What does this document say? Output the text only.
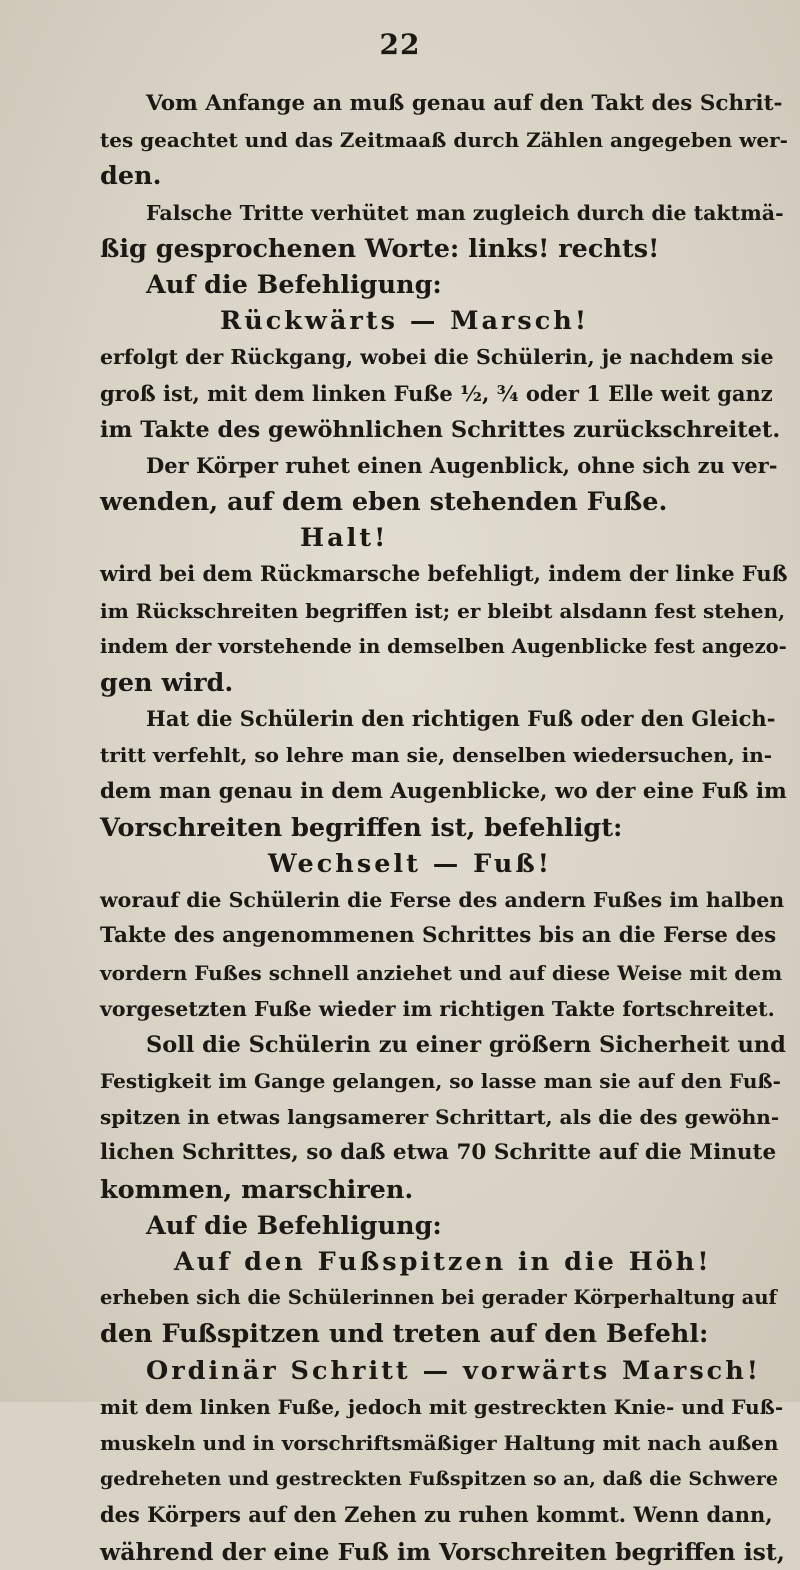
22
Vom Anfange an muß genau auf den Takt des Schrit-
tes geachtet und das Zeitmaaß durch Zählen angegeben wer-
den.
Falsche Tritte verhütet man zugleich durch die taktmä-
ßig gesprochenen Worte: links! rechts!
Auf die Befehligung:
Rückwärts — Marsch!
erfolgt der Rückgang, wobei die Schülerin, je nachdem sie
groß ist, mit dem linken Fuße ½, ¾ oder 1 Elle weit ganz
im Takte des gewöhnlichen Schrittes zurückschreitet.
Der Körper ruhet einen Augenblick, ohne sich zu ver-
wenden, auf dem eben stehenden Fuße.
Halt!
wird bei dem Rückmarsche befehligt, indem der linke Fuß
im Rückschreiten begriffen ist; er bleibt alsdann fest stehen,
indem der vorstehende in demselben Augenblicke fest angezo-
gen wird.
Hat die Schülerin den richtigen Fuß oder den Gleich-
tritt verfehlt, so lehre man sie, denselben wiedersuchen, in-
dem man genau in dem Augenblicke, wo der eine Fuß im
Vorschreiten begriffen ist, befehligt:
Wechselt — Fuß!
worauf die Schülerin die Ferse des andern Fußes im halben
Takte des angenommenen Schrittes bis an die Ferse des
vordern Fußes schnell anziehet und auf diese Weise mit dem
vorgesetzten Fuße wieder im richtigen Takte fortschreitet.
Soll die Schülerin zu einer größern Sicherheit und
Festigkeit im Gange gelangen, so lasse man sie auf den Fuß-
spitzen in etwas langsamerer Schrittart, als die des gewöhn-
lichen Schrittes, so daß etwa 70 Schritte auf die Minute
kommen, marschiren.
Auf die Befehligung:
Auf den Fußspitzen in die Höh!
erheben sich die Schülerinnen bei gerader Körperhaltung auf
den Fußspitzen und treten auf den Befehl:
Ordinär Schritt — vorwärts Marsch!
mit dem linken Fuße, jedoch mit gestreckten Knie- und Fuß-
muskeln und in vorschriftsmäßiger Haltung mit nach außen
gedreheten und gestreckten Fußspitzen so an, daß die Schwere
des Körpers auf den Zehen zu ruhen kommt. Wenn dann,
während der eine Fuß im Vorschreiten begriffen ist,
